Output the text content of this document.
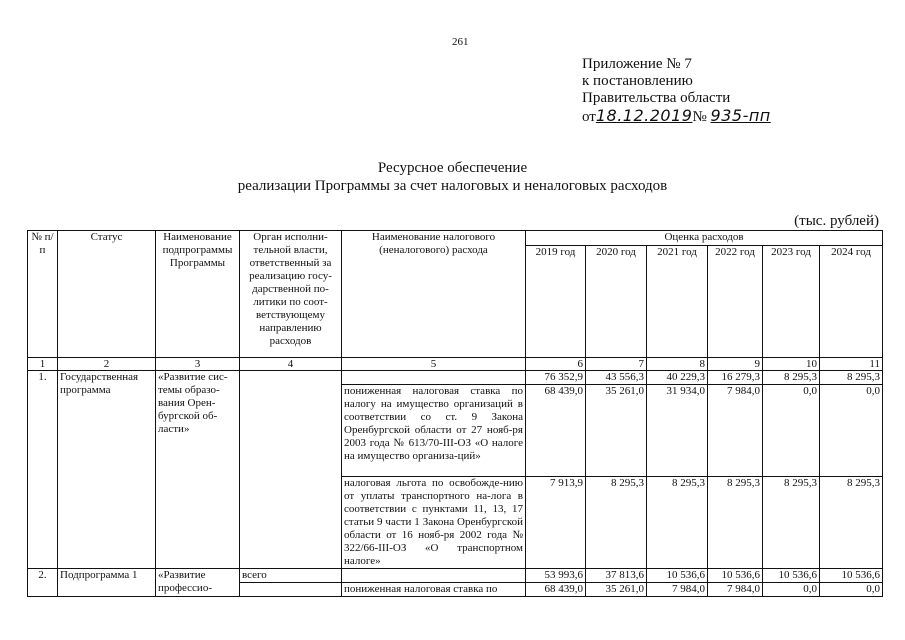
261
Приложение № 7
к постановлению
Правительства области
от18.12.2019№ 935-пп
Ресурсное обеспечение
реализации Программы за счет налоговых и неналоговых расходов
(тыс. рублей)
№ п/п	Статус	Наименование подпрограммы Программы	Орган исполни-тельной власти, ответственный за реализацию госу-дарственной по-литики по соот-ветствующему направлению расходов	Наименование налогового (неналогового) расхода	Оценка расходов					
					2019 год	2020 год	2021 год	2022 год	2023 год	2024 год
1	2	3	4	5	6	7	8	9	10	11
1.	Государственная программа	«Развитие сис-темы образо-вания Орен-бургской об-ласти»			76 352,9	43 556,3	40 229,3	16 279,3	8 295,3	8 295,3
				пониженная налоговая ставка по налогу на имущество организаций в соответствии со ст. 9 Закона Оренбургской области от 27 нояб-ря 2003 года № 613/70-III-ОЗ «О налоге на имущество организа-ций»	68 439,0	35 261,0	31 934,0	7 984,0	0,0	0,0
				налоговая льгота по освобожде-нию от уплаты транспортного на-лога в соответствии с пунктами 11, 13, 17 статьи 9 части 1 Закона Оренбургской области от 16 нояб-ря 2002 года № 322/66-III-ОЗ «О транспортном налоге»	7 913,9	8 295,3	8 295,3	8 295,3	8 295,3	8 295,3
2.	Подпрограмма 1	«Развитие профессио-	всего		53 993,6	37 813,6	10 536,6	10 536,6	10 536,6	10 536,6
				пониженная налоговая ставка по	68 439,0	35 261,0	7 984,0	7 984,0	0,0	0,0
